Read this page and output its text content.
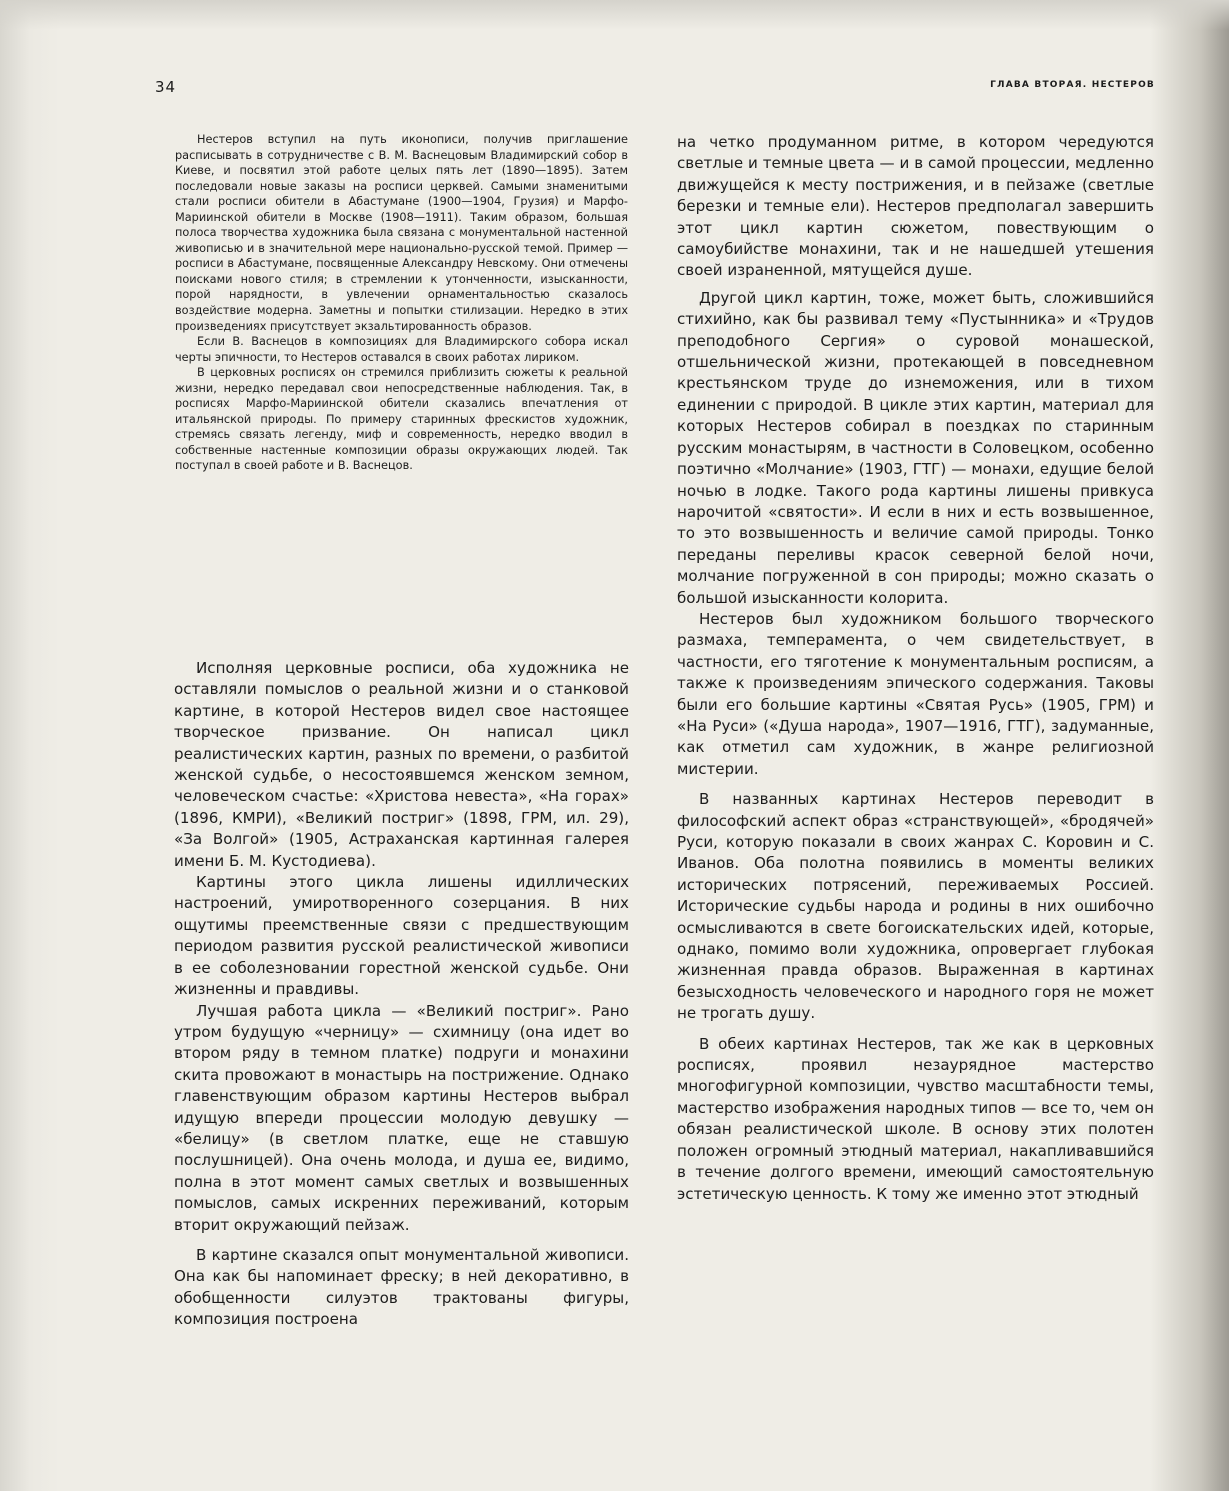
34	ГЛАВА ВТОРАЯ. НЕСТЕРОВ

Нестеров вступил на путь иконописи, получив приглашение расписывать в сотрудничестве с В. М. Васнецовым Владимирский собор в Киеве, и посвятил этой работе целых пять лет (1890—1895). Затем последовали новые заказы на росписи церквей. Самыми знаменитыми стали росписи обители в Абастумане (1900—1904, Грузия) и Марфо-Мариинской обители в Москве (1908—1911). Таким образом, большая полоса творчества художника была связана с монументальной настенной живописью и в значительной мере национально-русской темой. Пример — росписи в Абастумане, посвященные Александру Невскому. Они отмечены поисками нового стиля; в стремлении к утонченности, изысканности, порой нарядности, в увлечении орнаментальностью сказалось воздействие модерна. Заметны и попытки стилизации. Нередко в этих произведениях присутствует экзальтированность образов.

Если В. Васнецов в композициях для Владимирского собора искал черты эпичности, то Нестеров оставался в своих работах лириком.

В церковных росписях он стремился приблизить сюжеты к реальной жизни, нередко передавал свои непосредственные наблюдения. Так, в росписях Марфо-Мариинской обители сказались впечатления от итальянской природы. По примеру старинных фрескистов художник, стремясь связать легенду, миф и современность, нередко вводил в собственные настенные композиции образы окружающих людей. Так поступал в своей работе и В. Васнецов.

Исполняя церковные росписи, оба художника не оставляли помыслов о реальной жизни и о станковой картине, в которой Нестеров видел свое настоящее творческое призвание. Он написал цикл реалистических картин, разных по времени, о разбитой женской судьбе, о несостоявшемся женском земном, человеческом счастье: «Христова невеста», «На горах» (1896, КМРИ), «Великий постриг» (1898, ГРМ, ил. 29), «За Волгой» (1905, Астраханская картинная галерея имени Б. М. Кустодиева).

Картины этого цикла лишены идиллических настроений, умиротворенного созерцания. В них ощутимы преемственные связи с предшествующим периодом развития русской реалистической живописи в ее соболезновании горестной женской судьбе. Они жизненны и правдивы.

Лучшая работа цикла — «Великий постриг». Рано утром будущую «черницу» — схимницу (она идет во втором ряду в темном платке) подруги и монахини скита провожают в монастырь на пострижение. Однако главенствующим образом картины Нестеров выбрал идущую впереди процессии молодую девушку — «белицу» (в светлом платке, еще не ставшую послушницей). Она очень молода, и душа ее, видимо, полна в этот момент самых светлых и возвышенных помыслов, самых искренних переживаний, которым вторит окружающий пейзаж.

В картине сказался опыт монументальной живописи. Она как бы напоминает фреску; в ней декоративно, в обобщенности силуэтов трактованы фигуры, композиция построена

на четко продуманном ритме, в котором чередуются светлые и темные цвета — и в самой процессии, медленно движущейся к месту пострижения, и в пейзаже (светлые березки и темные ели). Нестеров предполагал завершить этот цикл картин сюжетом, повествующим о самоубийстве монахини, так и не нашедшей утешения своей израненной, мятущейся душе.

Другой цикл картин, тоже, может быть, сложившийся стихийно, как бы развивал тему «Пустынника» и «Трудов преподобного Сергия» о суровой монашеской, отшельнической жизни, протекающей в повседневном крестьянском труде до изнеможения, или в тихом единении с природой. В цикле этих картин, материал для которых Нестеров собирал в поездках по старинным русским монастырям, в частности в Соловецком, особенно поэтично «Молчание» (1903, ГТГ) — монахи, едущие белой ночью в лодке. Такого рода картины лишены привкуса нарочитой «святости». И если в них и есть возвышенное, то это возвышенность и величие самой природы. Тонко переданы переливы красок северной белой ночи, молчание погруженной в сон природы; можно сказать о большой изысканности колорита.

Нестеров был художником большого творческого размаха, темперамента, о чем свидетельствует, в частности, его тяготение к монументальным росписям, а также к произведениям эпического содержания. Таковы были его большие картины «Святая Русь» (1905, ГРМ) и «На Руси» («Душа народа», 1907—1916, ГТГ), задуманные, как отметил сам художник, в жанре религиозной мистерии.

В названных картинах Нестеров переводит в философский аспект образ «странствующей», «бродячей» Руси, которую показали в своих жанрах С. Коровин и С. Иванов. Оба полотна появились в моменты великих исторических потрясений, переживаемых Россией. Исторические судьбы народа и родины в них ошибочно осмысливаются в свете богоискательских идей, которые, однако, помимо воли художника, опровергает глубокая жизненная правда образов. Выраженная в картинах безысходность человеческого и народного горя не может не трогать душу.

В обеих картинах Нестеров, так же как в церковных росписях, проявил незаурядное мастерство многофигурной композиции, чувство масштабности темы, мастерство изображения народных типов — все то, чем он обязан реалистической школе. В основу этих полотен положен огромный этюдный материал, накапливавшийся в течение долгого времени, имеющий самостоятельную эстетическую ценность. К тому же именно этот этюдный
